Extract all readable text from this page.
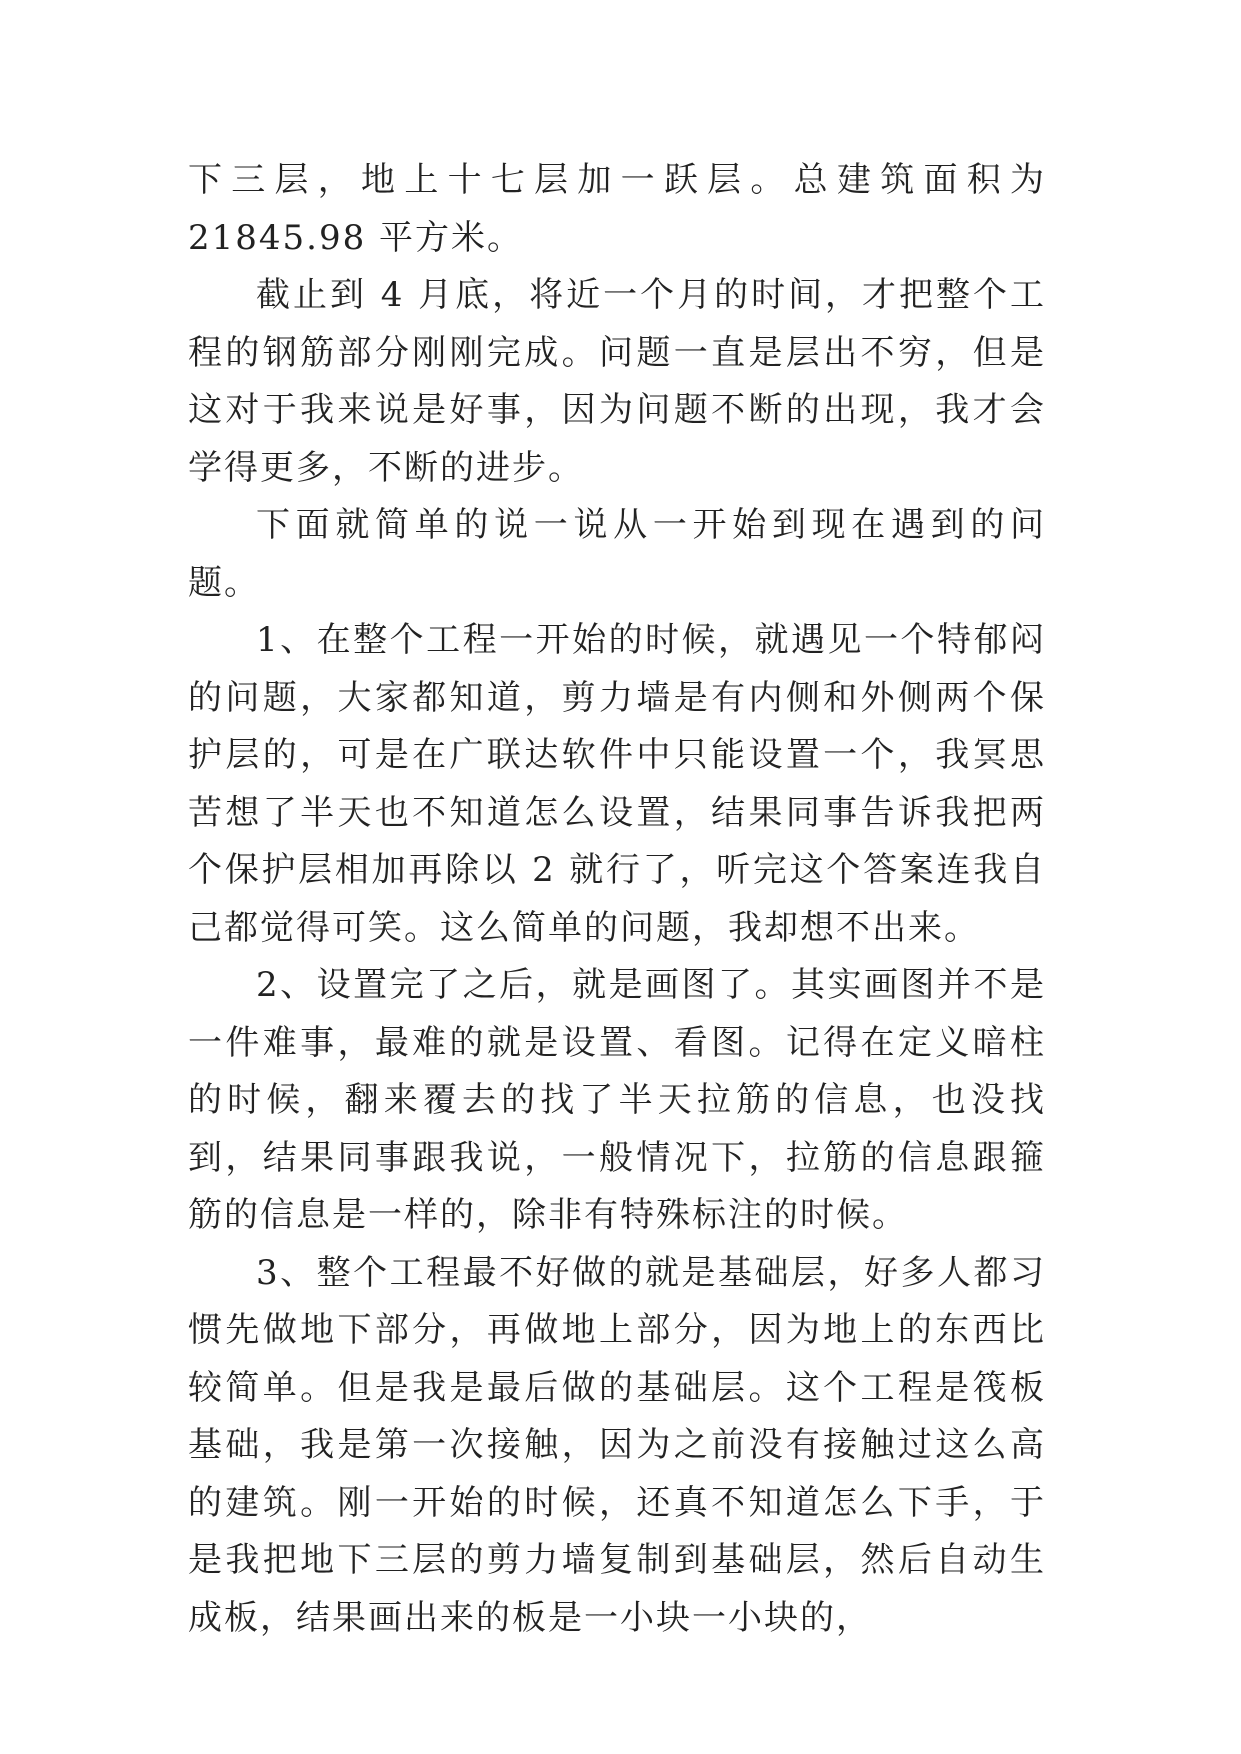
下三层，地上十七层加一跃层。总建筑面积为 21845.98 平方米。

截止到 4 月底，将近一个月的时间，才把整个工程的钢筋部分刚刚完成。问题一直是层出不穷，但是这对于我来说是好事，因为问题不断的出现，我才会学得更多，不断的进步。

下面就简单的说一说从一开始到现在遇到的问题。

1、在整个工程一开始的时候，就遇见一个特郁闷的问题，大家都知道，剪力墙是有内侧和外侧两个保护层的，可是在广联达软件中只能设置一个，我冥思苦想了半天也不知道怎么设置，结果同事告诉我把两个保护层相加再除以 2 就行了，听完这个答案连我自己都觉得可笑。这么简单的问题，我却想不出来。

2、设置完了之后，就是画图了。其实画图并不是一件难事，最难的就是设置、看图。记得在定义暗柱的时候，翻来覆去的找了半天拉筋的信息，也没找到，结果同事跟我说，一般情况下，拉筋的信息跟箍筋的信息是一样的，除非有特殊标注的时候。

3、整个工程最不好做的就是基础层，好多人都习惯先做地下部分，再做地上部分，因为地上的东西比较简单。但是我是最后做的基础层。这个工程是筏板基础，我是第一次接触，因为之前没有接触过这么高的建筑。刚一开始的时候，还真不知道怎么下手，于是我把地下三层的剪力墙复制到基础层，然后自动生成板，结果画出来的板是一小块一小块的，
